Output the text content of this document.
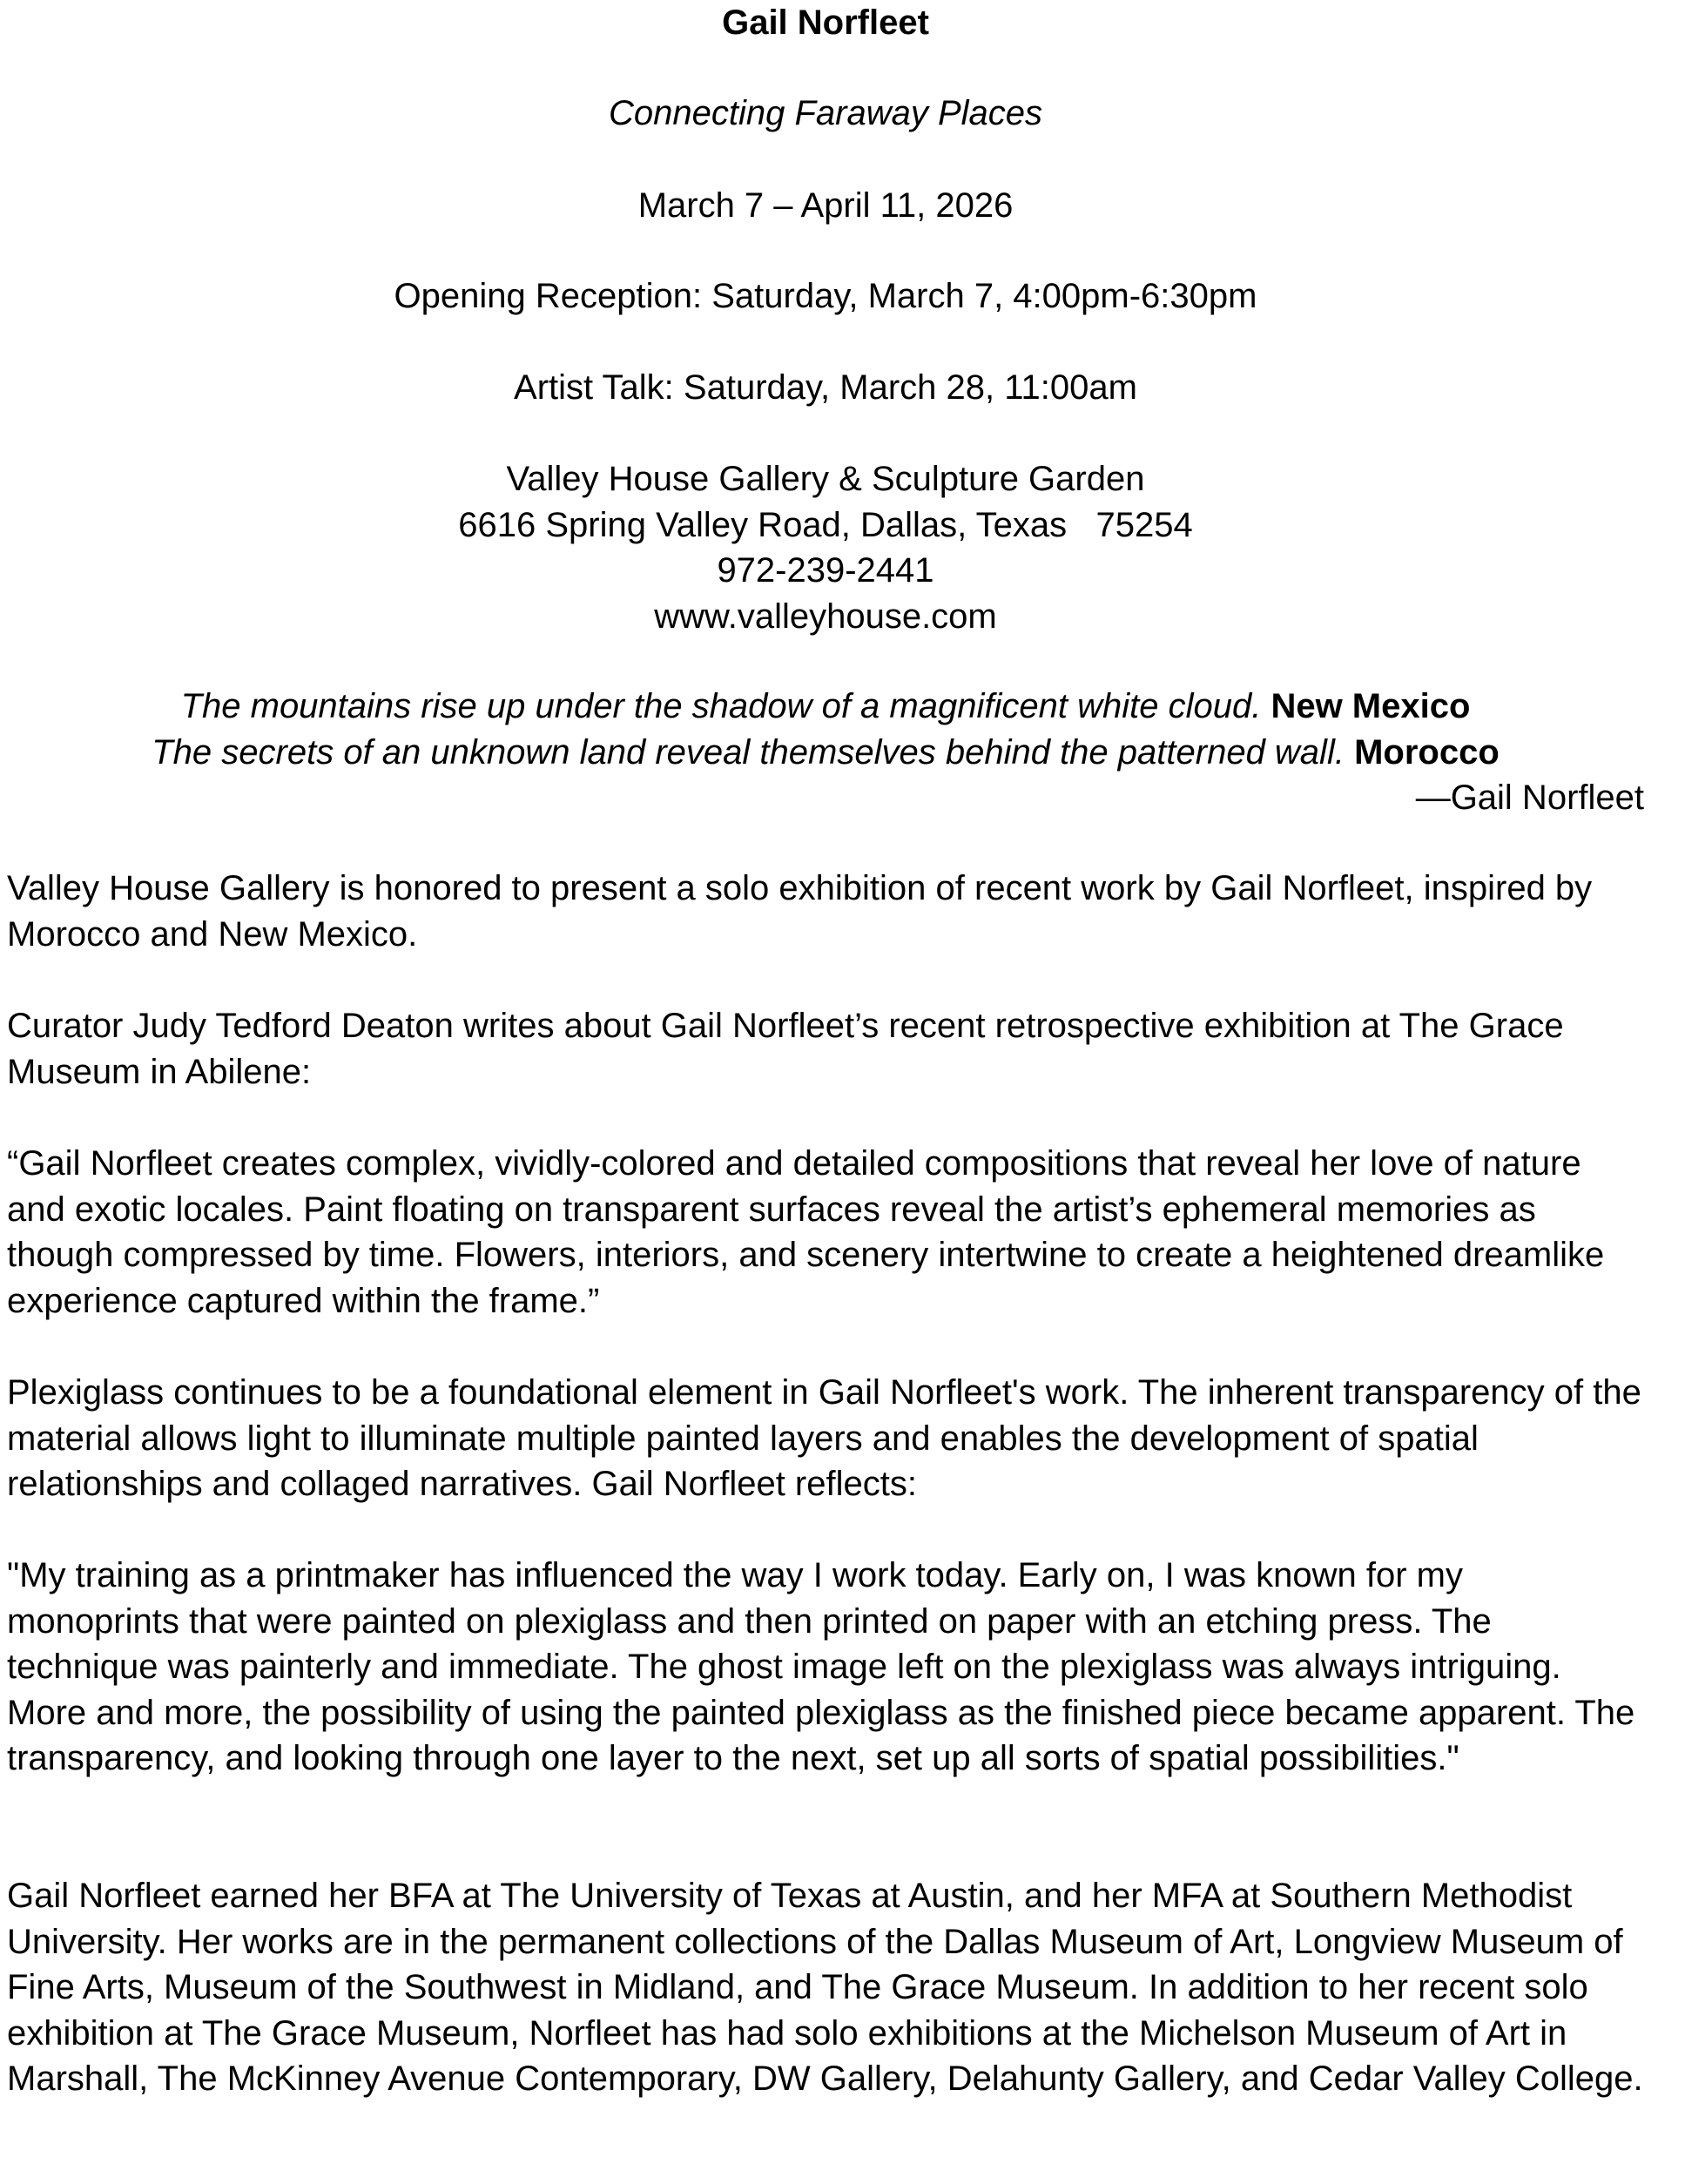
Gail Norfleet
Connecting Faraway Places
March 7 – April 11, 2026
Opening Reception: Saturday, March 7, 4:00pm-6:30pm
Artist Talk: Saturday, March 28, 11:00am
Valley House Gallery & Sculpture Garden
6616 Spring Valley Road, Dallas, Texas   75254
972-239-2441
www.valleyhouse.com
The mountains rise up under the shadow of a magnificent white cloud. New Mexico
The secrets of an unknown land reveal themselves behind the patterned wall. Morocco
—Gail Norfleet

Valley House Gallery is honored to present a solo exhibition of recent work by Gail Norfleet, inspired by Morocco and New Mexico.

Curator Judy Tedford Deaton writes about Gail Norfleet’s recent retrospective exhibition at The Grace Museum in Abilene:

“Gail Norfleet creates complex, vividly-colored and detailed compositions that reveal her love of nature and exotic locales. Paint floating on transparent surfaces reveal the artist’s ephemeral memories as though compressed by time. Flowers, interiors, and scenery intertwine to create a heightened dreamlike experience captured within the frame.”

Plexiglass continues to be a foundational element in Gail Norfleet's work. The inherent transparency of the material allows light to illuminate multiple painted layers and enables the development of spatial relationships and collaged narratives. Gail Norfleet reflects:

"My training as a printmaker has influenced the way I work today. Early on, I was known for my monoprints that were painted on plexiglass and then printed on paper with an etching press. The technique was painterly and immediate. The ghost image left on the plexiglass was always intriguing. More and more, the possibility of using the painted plexiglass as the finished piece became apparent. The transparency, and looking through one layer to the next, set up all sorts of spatial possibilities."

Gail Norfleet earned her BFA at The University of Texas at Austin, and her MFA at Southern Methodist University. Her works are in the permanent collections of the Dallas Museum of Art, Longview Museum of Fine Arts, Museum of the Southwest in Midland, and The Grace Museum. In addition to her recent solo exhibition at The Grace Museum, Norfleet has had solo exhibitions at the Michelson Museum of Art in Marshall, The McKinney Avenue Contemporary, DW Gallery, Delahunty Gallery, and Cedar Valley College.
